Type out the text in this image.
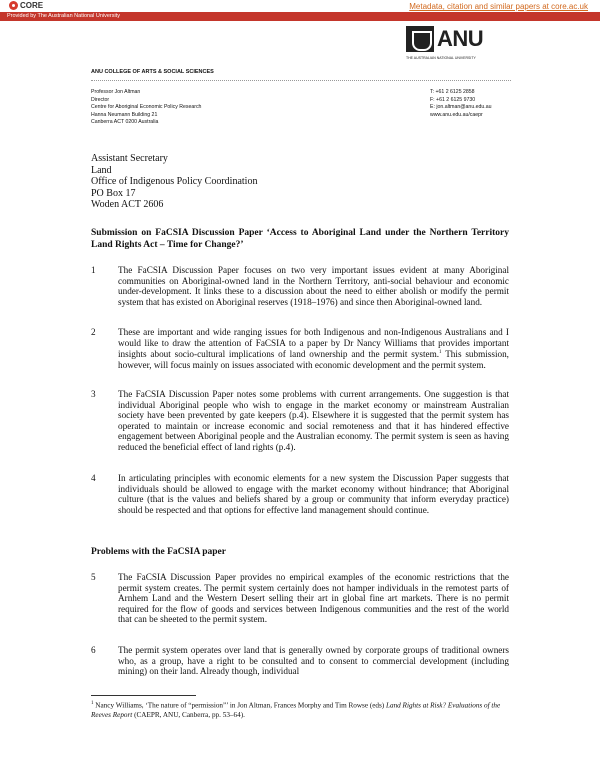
CORE	Metadata, citation and similar papers at core.ac.uk
Provided by The Australian National University
ANU
THE AUSTRALIAN NATIONAL UNIVERSITY
ANU COLLEGE OF ARTS & SOCIAL SCIENCES
Professor Jon Altman
Director
Centre for Aboriginal Economic Policy Research
Hanna Neumann Building 21
Canberra ACT 0200 Australia
T: +61 2 6125 2858
F: +61 2 6125 9730
E: jon.altman@anu.edu.au
www.anu.edu.au/caepr
Assistant Secretary
Land
Office of Indigenous Policy Coordination
PO Box 17
Woden ACT 2606
Submission on FaCSIA Discussion Paper ‘Access to Aboriginal Land under the Northern Territory Land Rights Act – Time for Change?’
1 The FaCSIA Discussion Paper focuses on two very important issues evident at many Aboriginal communities on Aboriginal-owned land in the Northern Territory, anti-social behaviour and economic under-development. It links these to a discussion about the need to either abolish or modify the permit system that has existed on Aboriginal reserves (1918–1976) and since then Aboriginal-owned land.
2 These are important and wide ranging issues for both Indigenous and non-Indigenous Australians and I would like to draw the attention of FaCSIA to a paper by Dr Nancy Williams that provides important insights about socio-cultural implications of land ownership and the permit system.$^1$ This submission, however, will focus mainly on issues associated with economic development and the permit system.
3 The FaCSIA Discussion Paper notes some problems with current arrangements. One suggestion is that individual Aboriginal people who wish to engage in the market economy or mainstream Australian society have been prevented by gate keepers (p.4). Elsewhere it is suggested that the permit system has operated to maintain or increase economic and social remoteness and that it has hindered effective engagement between Aboriginal people and the Australian economy. The permit system is seen as having reduced the beneficial effect of land rights (p.4).
4 In articulating principles with economic elements for a new system the Discussion Paper suggests that individuals should be allowed to engage with the market economy without hindrance; that Aboriginal culture (that is the values and beliefs shared by a group or community that inform everyday practice) should be respected and that options for effective land management should continue.
Problems with the FaCSIA paper
5 The FaCSIA Discussion Paper provides no empirical examples of the economic restrictions that the permit system creates. The permit system certainly does not hamper individuals in the remotest parts of Arnhem Land and the Western Desert selling their art in global fine art markets. There is no permit required for the flow of goods and services between Indigenous communities and the rest of the world that can be sheeted to the permit system.
6 The permit system operates over land that is generally owned by corporate groups of traditional owners who, as a group, have a right to be consulted and to consent to commercial development (including mining) on their land. Already though, individual
$^1$ Nancy Williams, ‘The nature of “permission”’ in Jon Altman, Frances Morphy and Tim Rowse (eds) Land Rights at Risk? Evaluations of the Reeves Report (CAEPR, ANU, Canberra, pp. 53–64).
